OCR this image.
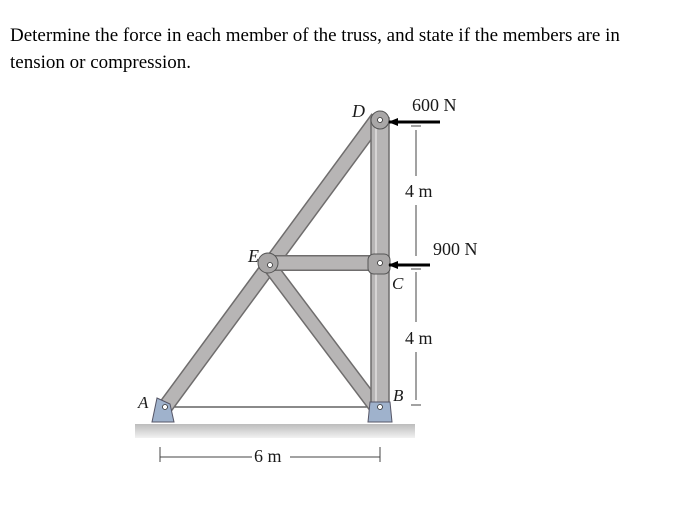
Determine the force in each member of the truss, and state if the members are in tension or compression.

D
E
C
B
A
600 N
900 N
4 m
4 m
6 m
